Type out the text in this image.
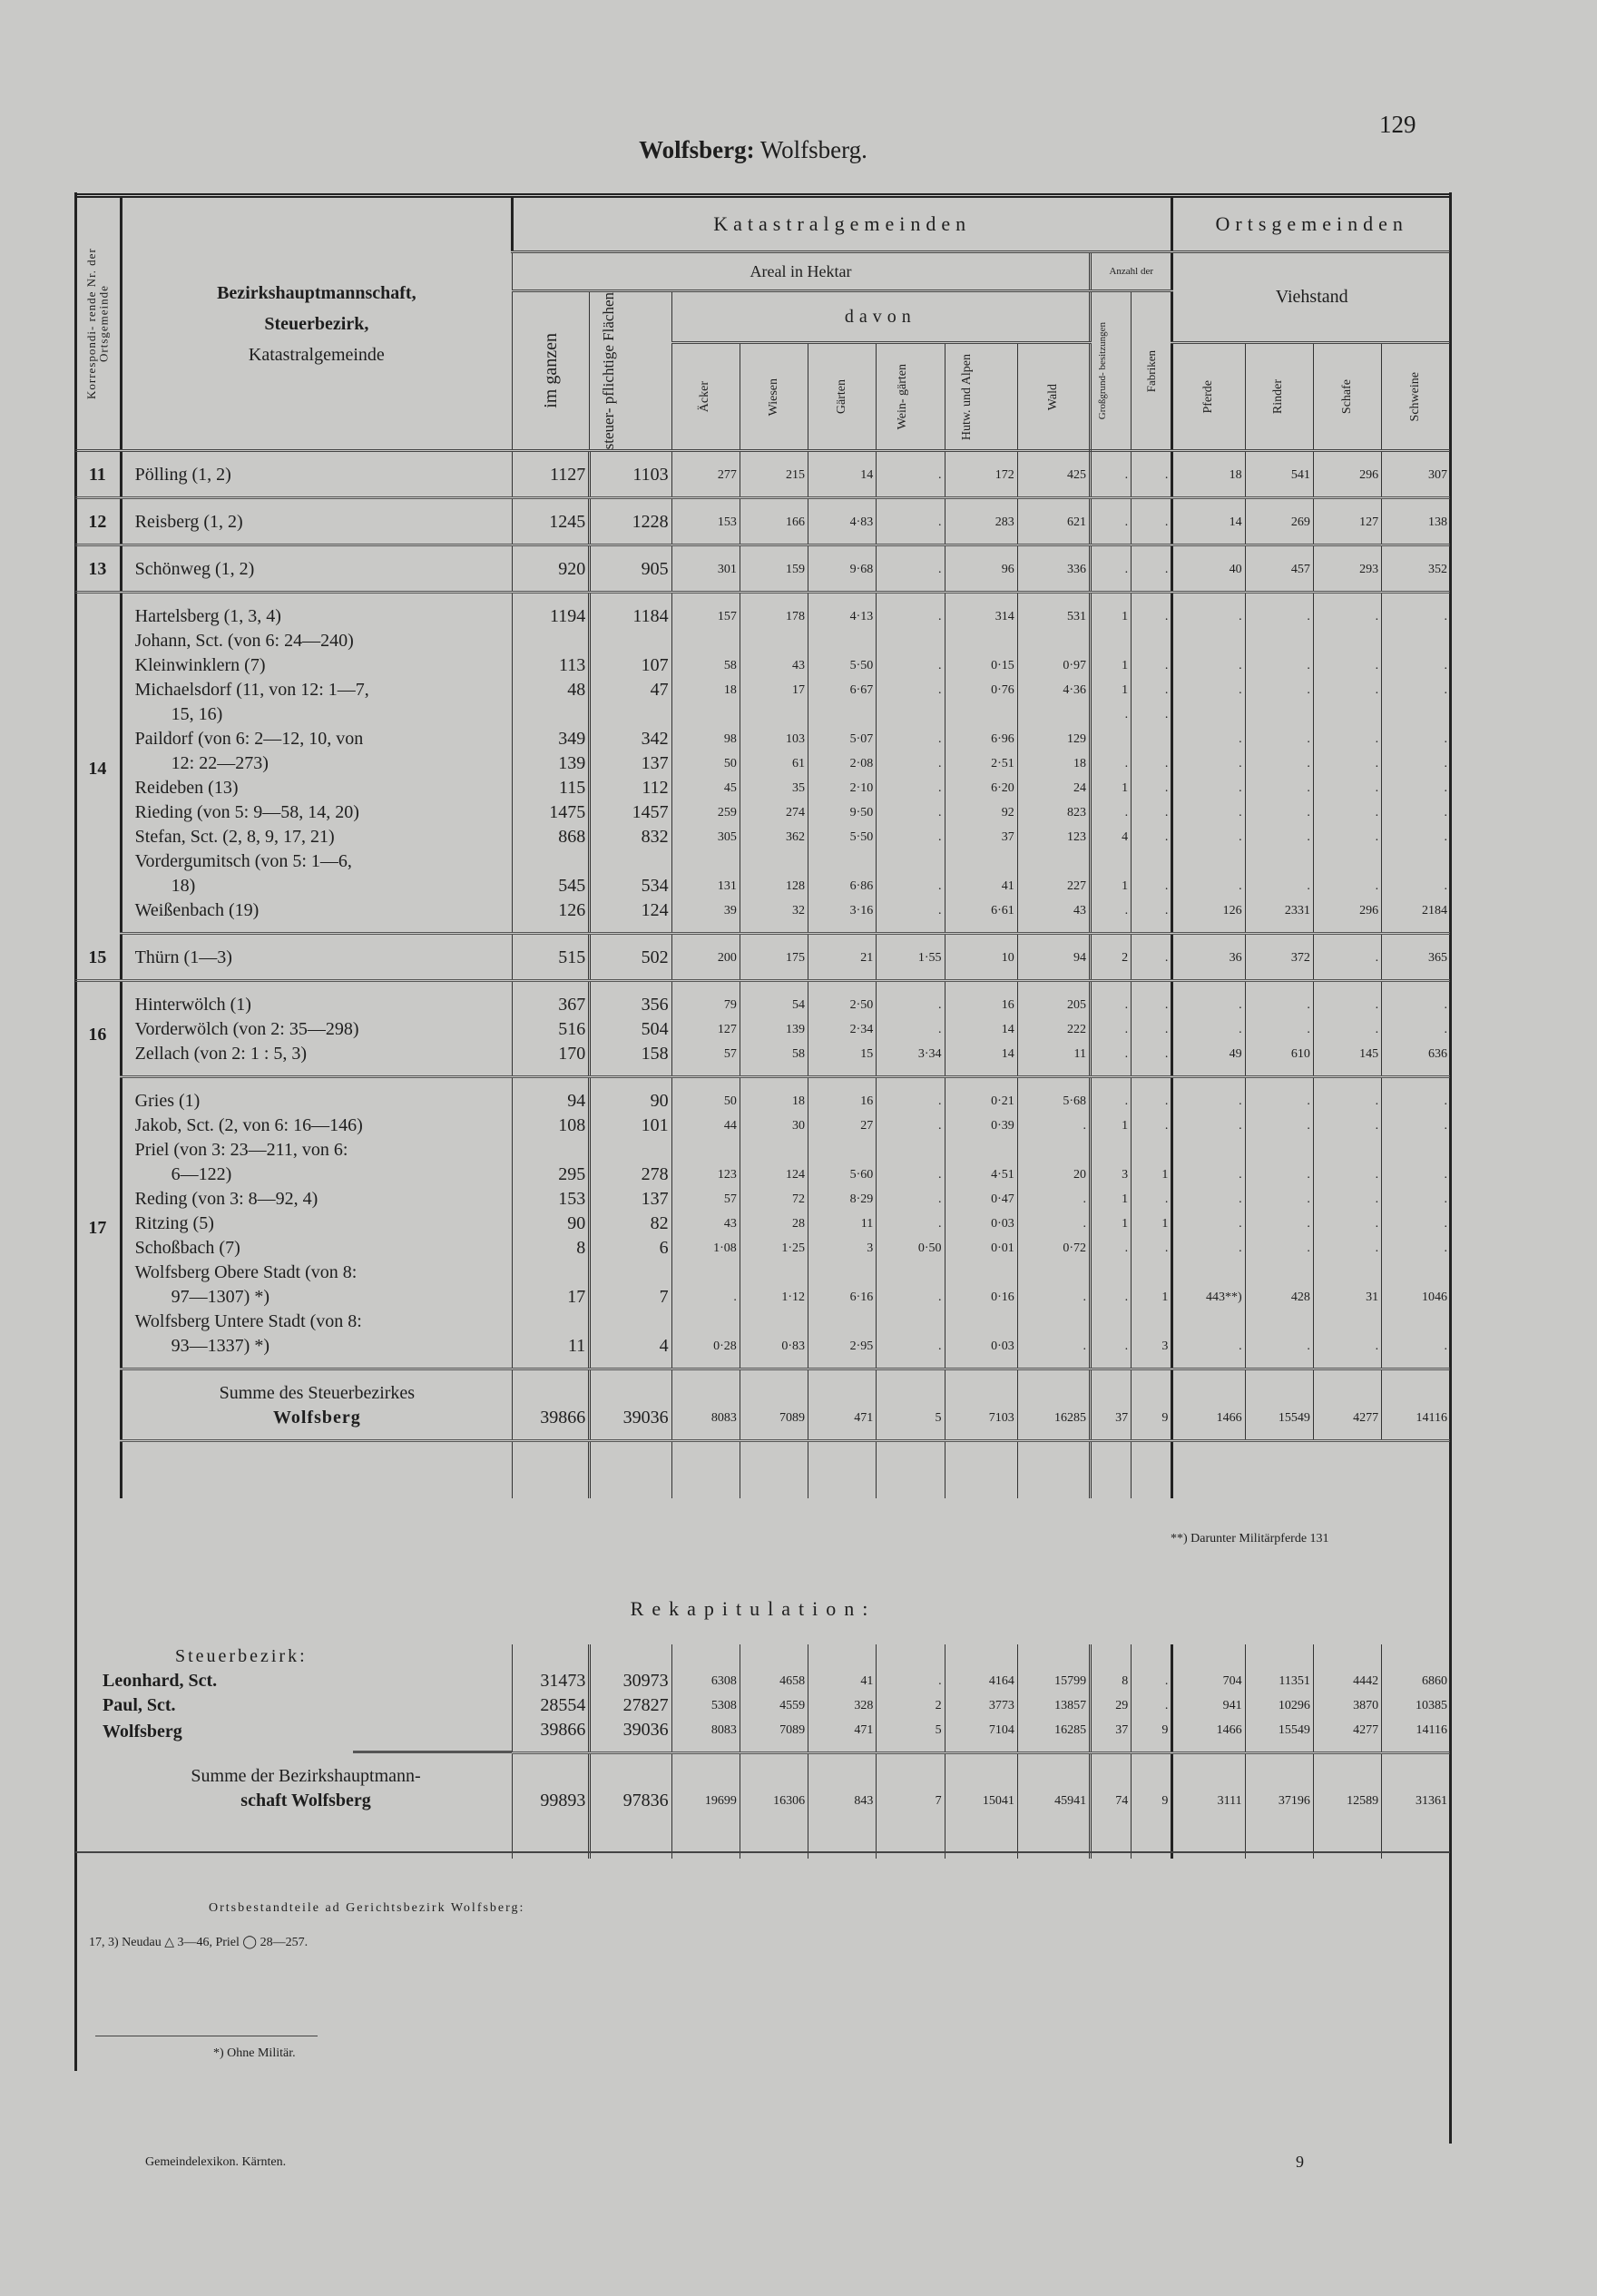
Wolfsberg: Wolfsberg.
129
Korrespondi- rende Nr. der Ortsgemeinde	Bezirkshauptmannschaft,
Steuerbezirk,
Katastralgemeinde	Katastralgemeinden										Ortsgemeinden			
		Areal in Hektar								Anzahl der		Viehstand			

		im ganzen	steuer- pflichtige Flächen	davon						Großgrund- besitzungen	Fabriken				

				Äcker	Wiesen	Gärten	Wein- gärten	Hutw. und Alpen	Wald			Pferde	Rinder	Schafe	Schweine

11	Pölling (1, 2)	1127	1103	277	215	14	.	172	425	.	.	18	541	296	307
12	Reisberg (1, 2)	1245	1228	153	166	4·83	.	283	621	.	.	14	269	127	138
13	Schönweg (1, 2)	920	905	301	159	9·68	.	96	336	.	.	40	457	293	352
14	Hartelsberg (1, 3, 4)	1194	1184	157	178	4·13	.	314	531	1	.	.	.	.	.
	Johann, Sct. (von 6: 24—240)														
	Kleinwinklern (7)	113	107	58	43	5·50	.	0·15	0·97	1	.	.	.	.	.
	Michaelsdorf (11, von 12: 1—7,	48	47	18	17	6·67	.	0·76	4·36	1	.	.	.	.	.
	15, 16)									.	.				
	Paildorf (von 6: 2—12, 10, von	349	342	98	103	5·07	.	6·96	129			.	.	.	.
	12: 22—273)	139	137	50	61	2·08	.	2·51	18	.	.	.	.	.	.
	Reideben (13)	115	112	45	35	2·10	.	6·20	24	1	.	.	.	.	.
	Rieding (von 5: 9—58, 14, 20)	1475	1457	259	274	9·50	.	92	823	.	.	.	.	.	.
	Stefan, Sct. (2, 8, 9, 17, 21)	868	832	305	362	5·50	.	37	123	4	.	.	.	.	.
	Vordergumitsch (von 5: 1—6,														
	18)	545	534	131	128	6·86	.	41	227	1	.	.	.	.	.
	Weißenbach (19)	126	124	39	32	3·16	.	6·61	43	.	.	126	2331	296	2184
15	Thürn (1—3)	515	502	200	175	21	1·55	10	94	2	.	36	372	.	365
16	Hinterwölch (1)	367	356	79	54	2·50	.	16	205	.	.	.	.	.	.
	Vorderwölch (von 2: 35—298)	516	504	127	139	2·34	.	14	222	.	.	.	.	.	.
	Zellach (von 2: 1 : 5, 3)	170	158	57	58	15	3·34	14	11	.	.	49	610	145	636
17	Gries (1)	94	90	50	18	16	.	0·21	5·68	.	.	.	.	.	.
	Jakob, Sct. (2, von 6: 16—146)	108	101	44	30	27	.	0·39	.	1	.	.	.	.	.
	Priel (von 3: 23—211, von 6:														
	6—122)	295	278	123	124	5·60	.	4·51	20	3	1	.	.	.	.
	Reding (von 3: 8—92, 4)	153	137	57	72	8·29	.	0·47	.	1	.	.	.	.	.
	Ritzing (5)	90	82	43	28	11	.	0·03	.	1	1	.	.	.	.
	Schoßbach (7)	8	6	1·08	1·25	3	0·50	0·01	0·72	.	.	.	.	.	.
	Wolfsberg Obere Stadt (von 8:														
	97—1307) *)	17	7	.	1·12	6·16	.	0·16	.	.	1	443**)	428	31	1046
	Wolfsberg Untere Stadt (von 8:														
	93—1337) *)	11	4	0·28	0·83	2·95	.	0·03	.	.	3	.	.	.	.
	Summe des Steuerbezirkes														
	Wolfsberg	39866	39036	8083	7089	471	5	7103	16285	37	9	1466	15549	4277	14116

**) Darunter Militärpferde 131
Rekapitulation:
Steuerbezirk:														
Leonhard, Sct.	31473	30973	6308	4658	41	.	4164	15799	8	.	704	11351	4442	6860
Paul, Sct.	28554	27827	5308	4559	328	2	3773	13857	29	.	941	10296	3870	10385
Wolfsberg	39866	39036	8083	7089	471	5	7104	16285	37	9	1466	15549	4277	14116
Summe der Bezirkshauptmann-														
schaft Wolfsberg	99893	97836	19699	16306	843	7	15041	45941	74	9	3111	37196	12589	31361

Ortsbestandteile ad Gerichtsbezirk Wolfsberg:
17, 3) Neudau △ 3—46, Priel ◯ 28—257.
*) Ohne Militär.
Gemeindelexikon. Kärnten.	9
